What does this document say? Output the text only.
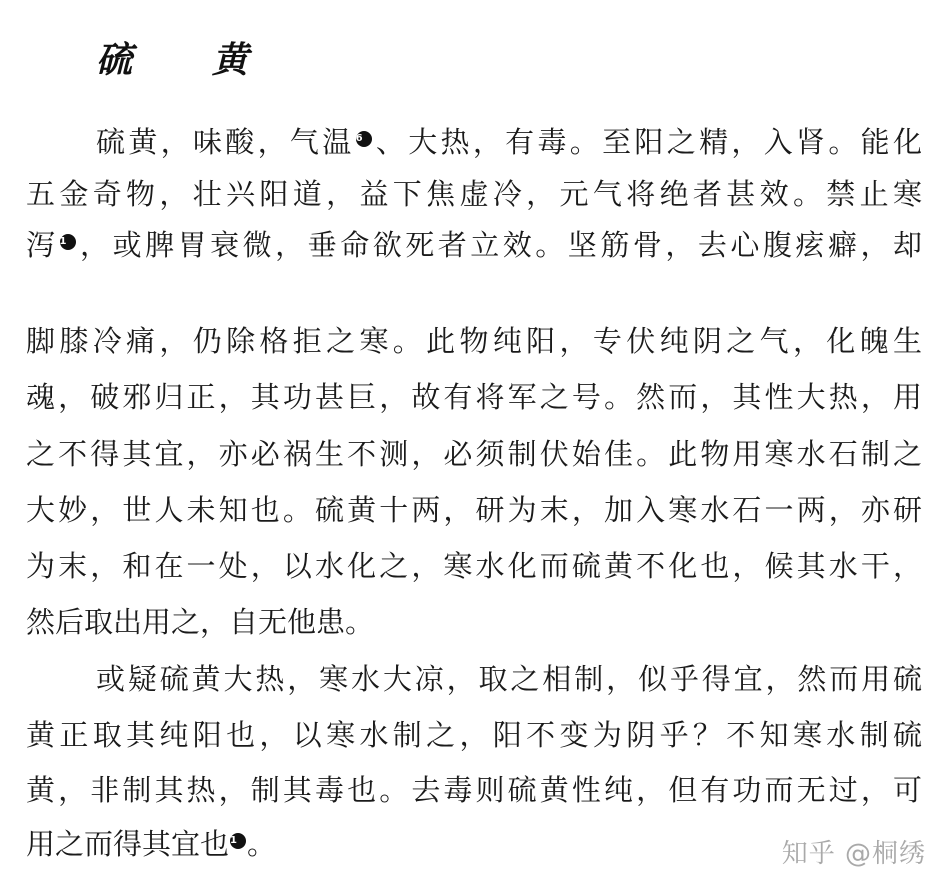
硫　黄
硫黄，味酸，气温6 、大热，有毒。至阳之精，入肾。能化
五金奇物，壮兴阳道，益下焦虚冷，元气将绝者甚效。禁止寒
泻1 ，或脾胃衰微，垂命欲死者立效。坚筋骨，去心腹痃癖，却
脚膝冷痛，仍除格拒之寒。此物纯阳，专伏纯阴之气，化魄生
魂，破邪归正，其功甚巨，故有将军之号。然而，其性大热，用
之不得其宜，亦必祸生不测，必须制伏始佳。此物用寒水石制之
大妙，世人未知也。硫黄十两，研为末，加入寒水石一两，亦研
为末，和在一处，以水化之，寒水化而硫黄不化也，候其水干，
然后取出用之，自无他患。
或疑硫黄大热，寒水大凉，取之相制，似乎得宜，然而用硫
黄正取其纯阳也，以寒水制之，阳不变为阴乎？不知寒水制硫
黄，非制其热，制其毒也。去毒则硫黄性纯，但有功而无过，可
用之而得其宜也1 。	知乎 @桐绣
